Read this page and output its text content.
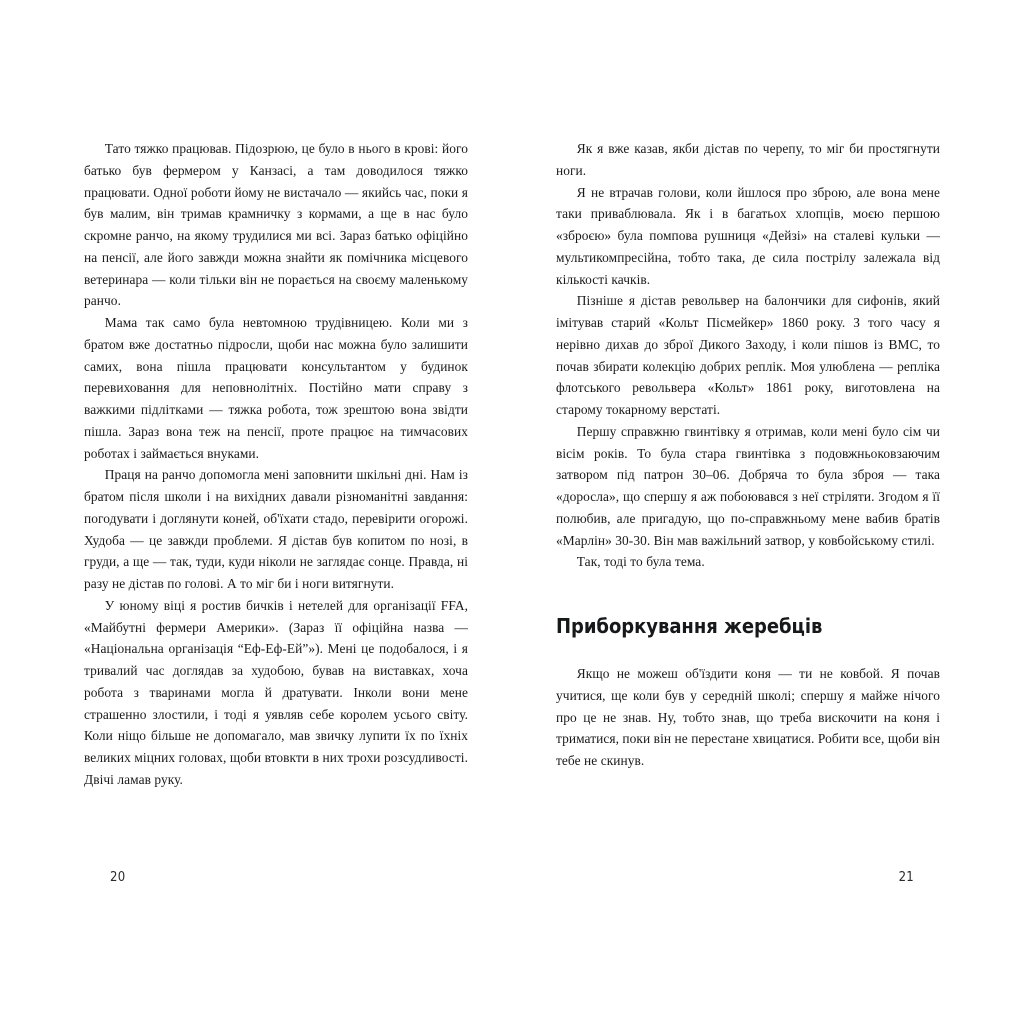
Тато тяжко працював. Підозрюю, це було в нього в крові: його батько був фермером у Канзасі, а там доводилося тяжко працювати. Одної роботи йому не вистачало — якийсь час, поки я був малим, він тримав крамничку з кормами, а ще в нас було скромне ранчо, на якому трудилися ми всі. Зараз батько офіційно на пенсії, але його завжди можна знайти як помічника місцевого ветеринара — коли тільки він не порається на своєму маленькому ранчо.

Мама так само була невтомною трудівницею. Коли ми з братом вже достатньо підросли, щоби нас можна було залишити самих, вона пішла працювати консультантом у будинок перевиховання для неповнолітніх. Постійно мати справу з важкими підлітками — тяжка робота, тож зрештою вона звідти пішла. Зараз вона теж на пенсії, проте працює на тимчасових роботах і займається внуками.

Праця на ранчо допомогла мені заповнити шкільні дні. Нам із братом після школи і на вихідних давали різноманітні завдання: погодувати і доглянути коней, об'їхати стадо, перевірити огорожі. Худоба — це завжди проблеми. Я дістав був копитом по нозі, в груди, а ще — так, туди, куди ніколи не заглядає сонце. Правда, ні разу не дістав по голові. А то міг би і ноги витягнути.

У юному віці я ростив бичків і нетелей для організації FFA, «Майбутні фермери Америки». (Зараз її офіційна назва — «Національна організація “Еф-Еф-Ей”»). Мені це подобалося, і я тривалий час доглядав за худобою, бував на виставках, хоча робота з тваринами могла й дратувати. Інколи вони мене страшенно злостили, і тоді я уявляв себе королем усього світу. Коли ніщо більше не допомагало, мав звичку лупити їх по їхніх великих міцних головах, щоби втовкти в них трохи розсудливості. Двічі ламав руку.

20

Як я вже казав, якби дістав по черепу, то міг би простягнути ноги.

Я не втрачав голови, коли йшлося про зброю, але вона мене таки приваблювала. Як і в багатьох хлопців, моєю першою «зброєю» була помпова рушниця «Дейзі» на сталеві кульки — мультикомпресійна, тобто така, де сила пострілу залежала від кількості качків.

Пізніше я дістав револьвер на балончики для сифонів, який імітував старий «Кольт Пісмейкер» 1860 року. З того часу я нерівно дихав до зброї Дикого Заходу, і коли пішов із ВМС, то почав збирати колекцію добрих реплік. Моя улюблена — репліка флотського револьвера «Кольт» 1861 року, виготовлена на старому токарному верстаті.

Першу справжню гвинтівку я отримав, коли мені було сім чи вісім років. То була стара гвинтівка з подовжньоковзаючим затвором під патрон 30–06. Добряча то була зброя — така «доросла», що спершу я аж побоювався з неї стріляти. Згодом я її полюбив, але пригадую, що по-справжньому мене вабив братів «Марлін» 30-30. Він мав важільний затвор, у ковбойському стилі.

Так, тоді то була тема.

Приборкування жеребців

Якщо не можеш об'їздити коня — ти не ковбой. Я почав учитися, ще коли був у середній школі; спершу я майже нічого про це не знав. Ну, тобто знав, що треба вискочити на коня і триматися, поки він не перестане хвицатися. Робити все, щоби він тебе не скинув.

21
